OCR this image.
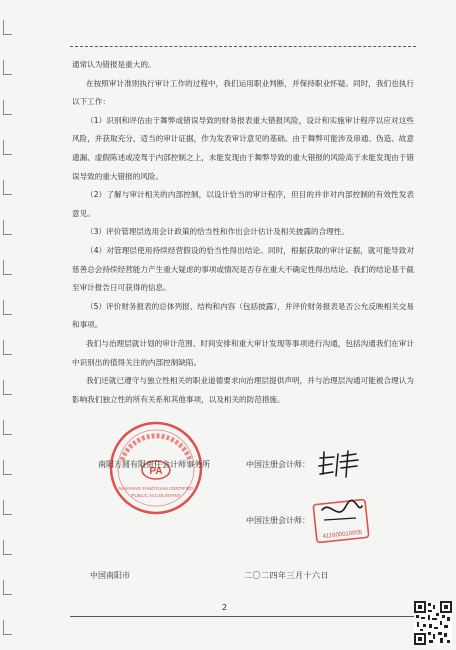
通常认为错报是重大的。

在按照审计准则执行审计工作的过程中，我们运用职业判断，并保持职业怀疑。同时，我们也执行以下工作：

（1）识别和评估由于舞弊或错误导致的财务报表重大错报风险，设计和实施审计程序以应对这些风险，并获取充分、适当的审计证据，作为发表审计意见的基础。由于舞弊可能涉及串通、伪造、故意遗漏、虚假陈述或凌驾于内部控制之上，未能发现由于舞弊导致的重大错报的风险高于未能发现由于错误导致的重大错报的风险。

（2）了解与审计相关的内部控制，以设计恰当的审计程序，但目的并非对内部控制的有效性发表意见。

（3）评价管理层选用会计政策的恰当性和作出会计估计及相关披露的合理性。

（4）对管理层使用持续经营假设的恰当性得出结论。同时，根据获取的审计证据，就可能导致对慈善总会持续经营能力产生重大疑虑的事项或情况是否存在重大不确定性得出结论。我们的结论基于截至审计报告日可获得的信息。

（5）评价财务报表的总体列报、结构和内容（包括披露），并评价财务报表是否公允反映相关交易和事项。

我们与治理层就计划的审计范围、时间安排和重大审计发现等事项进行沟通，包括沟通我们在审计中识别出的值得关注的内部控制缺陷。

我们还就已遵守与独立性相关的职业道德要求向治理层提供声明，并与治理层沟通可能被合理认为影响我们独立性的所有关系和其他事项，以及相关的防范措施。

PA
NANYANG FANGYUAN CERTIFIED
PUBLIC ACCOUNTANT
南阳方圆有限责任会计师事务所	中国注册会计师：
中国注册会计师：
411600010005
中国南阳市	二〇二四年三月十六日
2
